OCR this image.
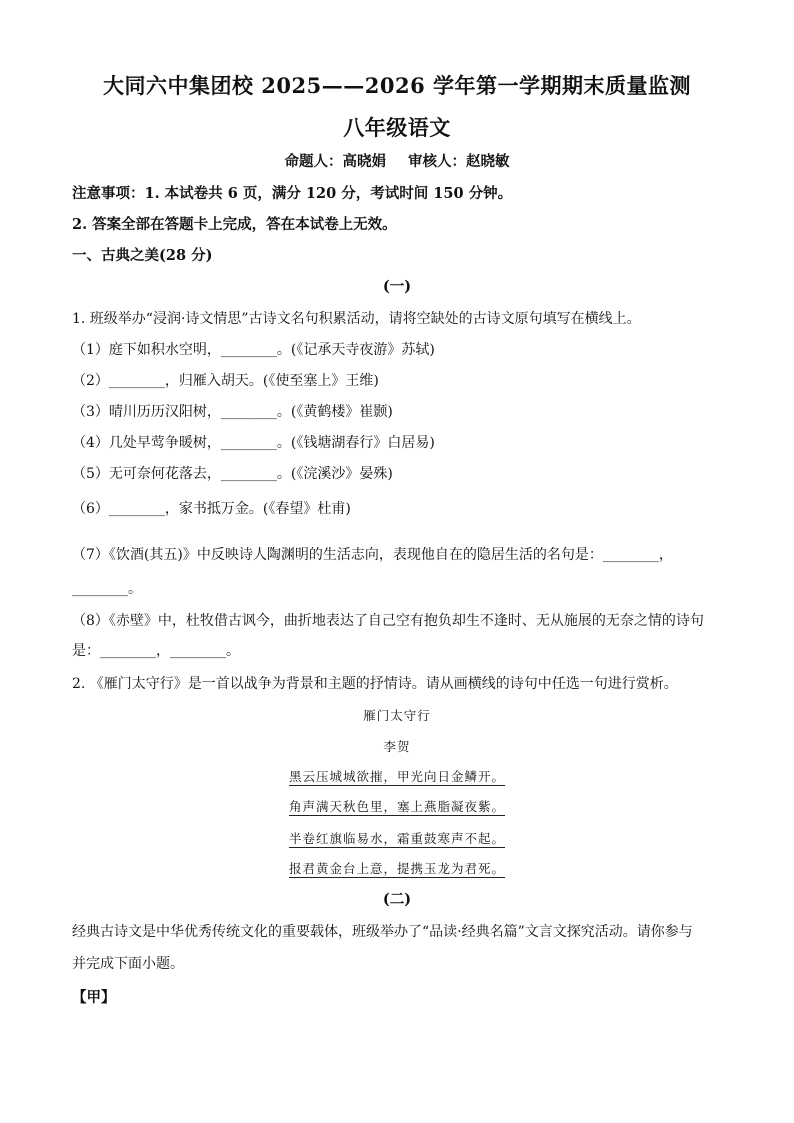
大同六中集团校 2025——2026 学年第一学期期末质量监测
八年级语文
命题人：高晓娟 审核人：赵晓敏
注意事项：1. 本试卷共 6 页，满分 120 分，考试时间 150 分钟。
2. 答案全部在答题卡上完成，答在本试卷上无效。
一、古典之美(28 分)
(一)
1. 班级举办“浸润·诗文情思”古诗文名句积累活动，请将空缺处的古诗文原句填写在横线上。
（1）庭下如积水空明，________。(《记承天寺夜游》苏轼)
（2）________，归雁入胡天。(《使至塞上》王维)
（3）晴川历历汉阳树，________。(《黄鹤楼》崔颢)
（4）几处早莺争暖树，________。(《钱塘湖春行》白居易)
（5）无可奈何花落去，________。(《浣溪沙》晏殊)
（6）________，家书抵万金。(《春望》杜甫)
（7）《饮酒(其五)》中反映诗人陶渊明的生活志向，表现他自在的隐居生活的名句是：________，
________。
（8）《赤壁》中，杜牧借古讽今，曲折地表达了自己空有抱负却生不逢时、无从施展的无奈之情的诗句
是：________，________。
2. 《雁门太守行》是一首以战争为背景和主题的抒情诗。请从画横线的诗句中任选一句进行赏析。
雁门太守行
李贺
黑云压城城欲摧，甲光向日金鳞开。
角声满天秋色里，塞上燕脂凝夜紫。
半卷红旗临易水，霜重鼓寒声不起。
报君黄金台上意，提携玉龙为君死。
(二)
经典古诗文是中华优秀传统文化的重要载体，班级举办了“品读·经典名篇”文言文探究活动。请你参与
并完成下面小题。
【甲】
